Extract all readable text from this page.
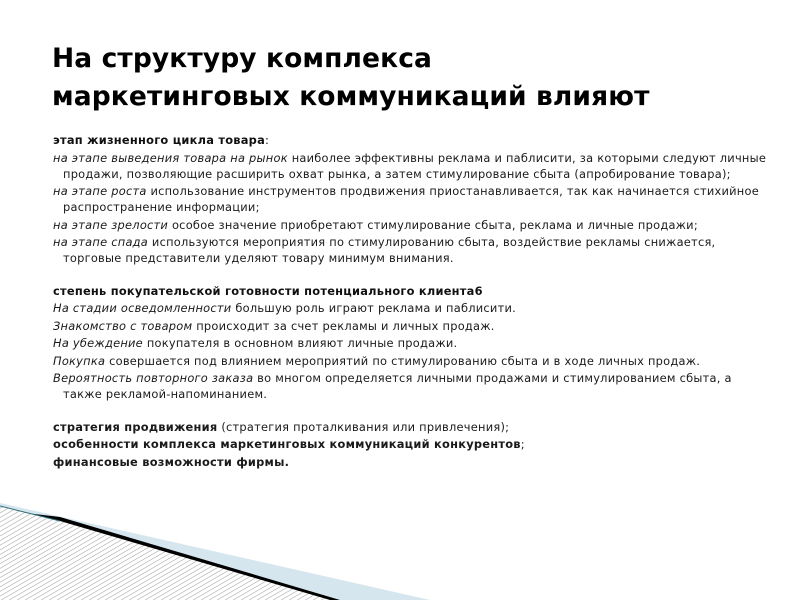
На структуру комплекса
маркетинговых коммуникаций влияют

этап жизненного цикла товара:

на этапе выведения товара на рынок наиболее эффективны реклама и паблисити, за которыми следуют личные продажи, позволяющие расширить охват рынка, а затем стимулирование сбыта (апробирование товара);

на этапе роста использование инструментов продвижения приостанавливается, так как начинается стихийное распространение информации;

на этапе зрелости особое значение приобретают стимулирование сбыта, реклама и личные продажи;

на этапе спада используются мероприятия по стимулированию сбыта, воздействие рекламы снижается, торговые представители уделяют товару минимум внимания.

степень покупательской готовности потенциального клиента6

На стадии осведомленности большую роль играют реклама и паблисити.

Знакомство с товаром происходит за счет рекламы и личных продаж.

На убеждение покупателя в основном влияют личные продажи.

Покупка совершается под влиянием мероприятий по стимулированию сбыта и в ходе личных продаж.

Вероятность повторного заказа во многом определяется личными продажами и стимулированием сбыта, а также рекламой-напоминанием.

стратегия продвижения (стратегия проталкивания или привлечения);

особенности комплекса маркетинговых коммуникаций конкурентов;

финансовые возможности фирмы.
